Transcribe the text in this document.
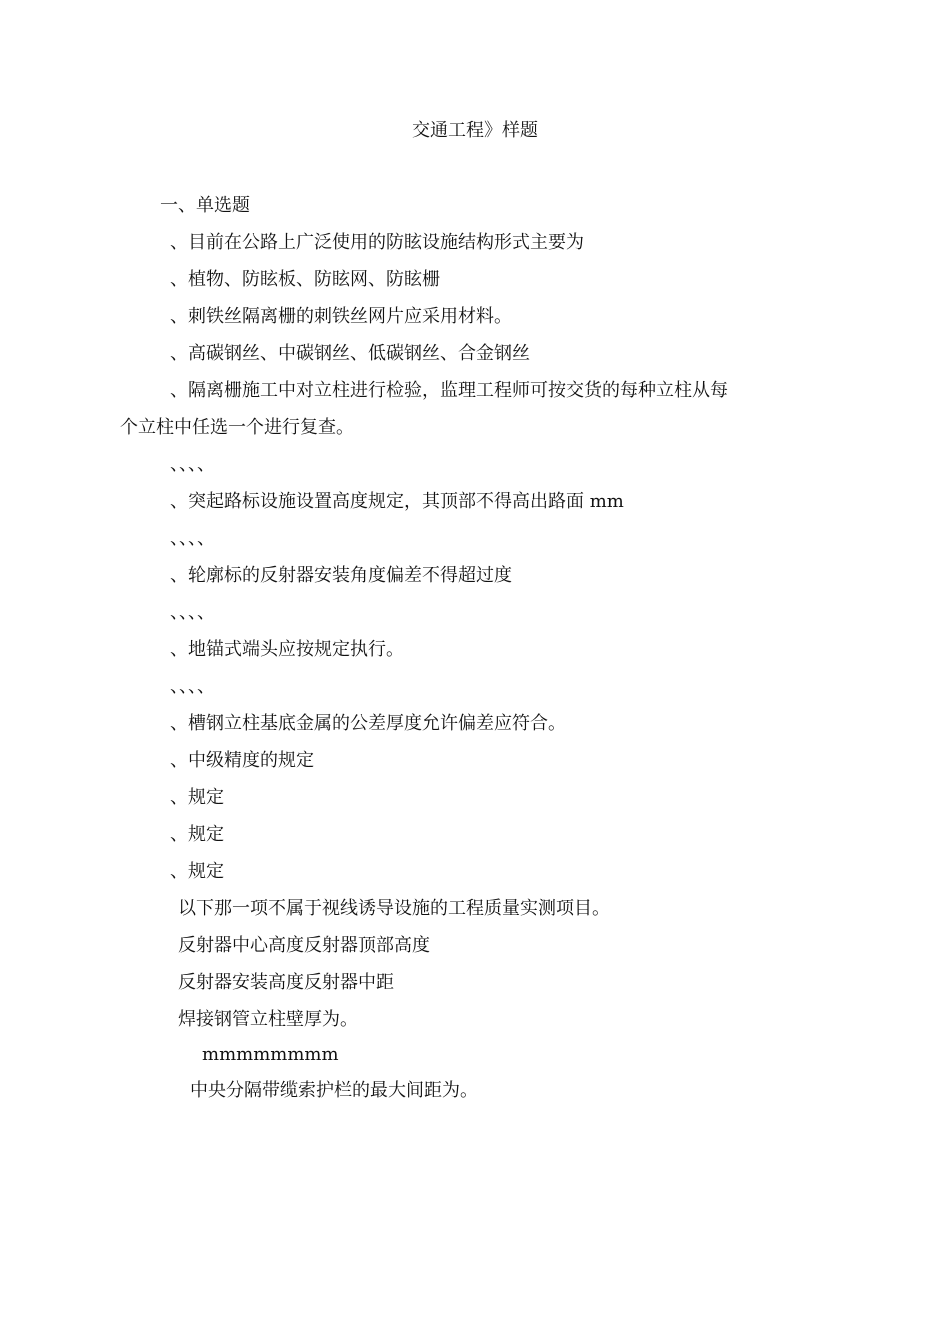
交通工程》样题
一、单选题
、目前在公路上广泛使用的防眩设施结构形式主要为
、植物、防眩板、防眩网、防眩栅
、刺铁丝隔离栅的刺铁丝网片应采用材料。
、高碳钢丝、中碳钢丝、低碳钢丝、合金钢丝
、隔离栅施工中对立柱进行检验，监理工程师可按交货的每种立柱从每
个立柱中任选一个进行复查。
、、、、
、突起路标设施设置高度规定，其顶部不得高出路面 mm
、、、、
、轮廓标的反射器安装角度偏差不得超过度
、、、、
、地锚式端头应按规定执行。
、、、、
、槽钢立柱基底金属的公差厚度允许偏差应符合。
、中级精度的规定
、规定
、规定
、规定
以下那一项不属于视线诱导设施的工程质量实测项目。
反射器中心高度反射器顶部高度
反射器安装高度反射器中距
焊接钢管立柱壁厚为。
mmmmmmmm
中央分隔带缆索护栏的最大间距为。
